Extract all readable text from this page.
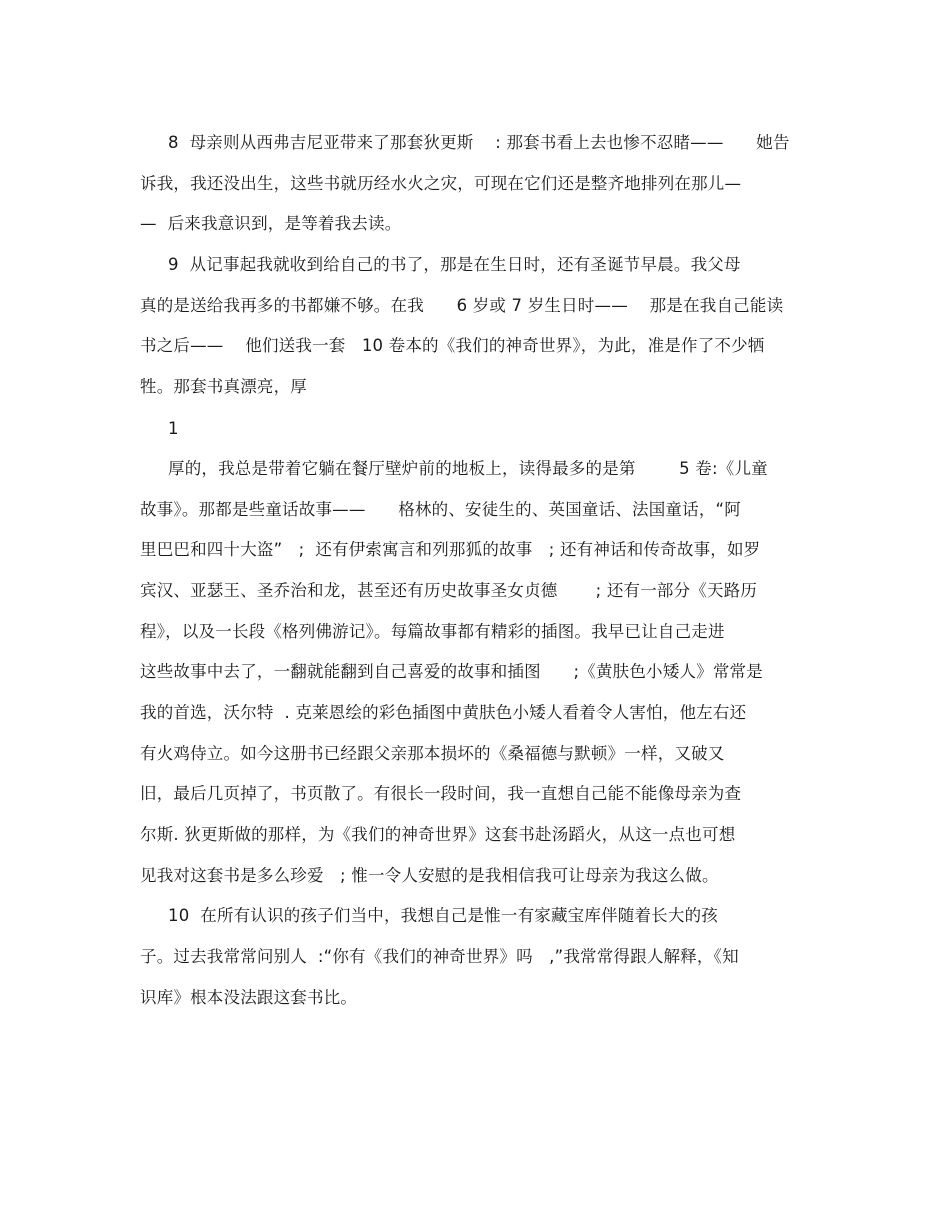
8  母亲则从西弗吉尼亚带来了那套狄更斯    : 那套书看上去也惨不忍睹——      她告
诉我，我还没出生，这些书就历经水火之灾，可现在它们还是整齐地排列在那儿—
—  后来我意识到，是等着我去读。
9  从记事起我就收到给自己的书了，那是在生日时，还有圣诞节早晨。我父母
真的是送给我再多的书都嫌不够。在我      6 岁或 7 岁生日时——    那是在我自己能读
书之后——    他们送我一套   10 卷本的《我们的神奇世界》，为此，准是作了不少牺
牲。那套书真漂亮，厚
1
厚的，我总是带着它躺在餐厅壁炉前的地板上，读得最多的是第        5 卷:《儿童
故事》。那都是些童话故事——      格林的、安徒生的、英国童话、法国童话，“阿
里巴巴和四十大盗”   ;  还有伊索寓言和列那狐的故事   ; 还有神话和传奇故事，如罗
宾汉、亚瑟王、圣乔治和龙，甚至还有历史故事圣女贞德       ; 还有一部分《天路历
程》，以及一长段《格列佛游记》。每篇故事都有精彩的插图。我早已让自己走进
这些故事中去了，一翻就能翻到自己喜爱的故事和插图      ;《黄肤色小矮人》常常是
我的首选，沃尔特  . 克莱恩绘的彩色插图中黄肤色小矮人看着令人害怕，他左右还
有火鸡侍立。如今这册书已经跟父亲那本损坏的《桑福德与默顿》一样，又破又
旧，最后几页掉了，书页散了。有很长一段时间，我一直想自己能不能像母亲为查
尔斯. 狄更斯做的那样，为《我们的神奇世界》这套书赴汤蹈火，从这一点也可想
见我对这套书是多么珍爱   ; 惟一令人安慰的是我相信我可让母亲为我这么做。
10  在所有认识的孩子们当中，我想自己是惟一有家藏宝库伴随着长大的孩
子。过去我常常问别人  :“你有《我们的神奇世界》吗   ,”我常常得跟人解释，《知
识库》根本没法跟这套书比。
